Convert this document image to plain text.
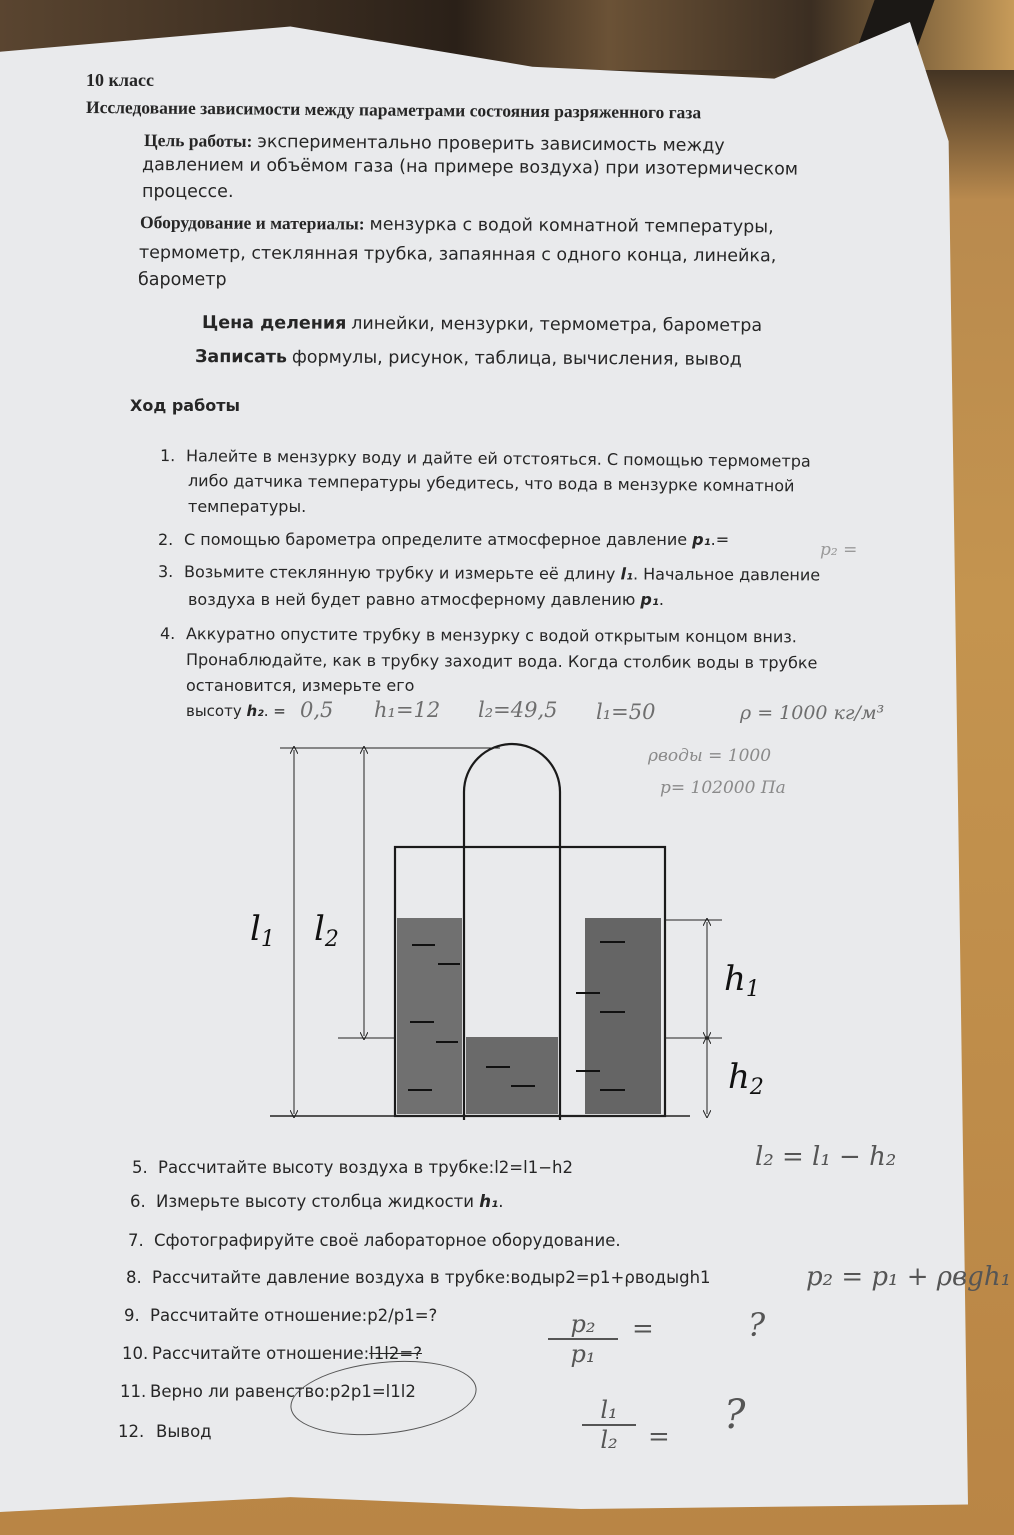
10 класс
Исследование зависимости между параметрами состояния разряженного газа
Цель работы: экспериментально проверить зависимость между
давлением и объёмом газа (на примере воздуха) при изотермическом
процессе.
Оборудование и материалы: мензурка с водой комнатной температуры,
термометр, стеклянная трубка, запаянная с одного конца, линейка,
барометр
Цена деления линейки, мензурки, термометра, барометра
Записать формулы, рисунок, таблица, вычисления, вывод
Ход работы
1. Налейте в мензурку воду и дайте ей отстояться. С помощью термометра
либо датчика температуры убедитесь, что вода в мензурке комнатной
температуры.
2. С помощью барометра определите атмосферное давление p₁.=
p₂ =
3. Возьмите стеклянную трубку и измерьте её длину l₁. Начальное давление
воздуха в ней будет равно атмосферному давлению p₁.
4. Аккуратно опустите трубку в мензурку с водой открытым концом вниз.
Пронаблюдайте, как в трубку заходит вода. Когда столбик воды в трубке
остановится, измерьте его
высоту h₂. = 0,5 h₁=12 l₂=49,5 l₁=50	ρ = 1000 кг/м³
ρводы = 1000
p= 102000 Па
l1 l2
h1
h2
5. Рассчитайте высоту воздуха в трубке:l2=l1−h2
6. Измерьте высоту столбца жидкости h₁.
7. Сфотографируйте своё лабораторное оборудование.
8. Рассчитайте давление воздуха в трубке:водыp2=p1+ρводыgh1
9. Рассчитайте отношение:p2/p1=?
10. Рассчитайте отношение:l1l2=?
11. Верно ли равенство:p2p1=l1l2
12. Вывод
l₂ = l₁ − h₂
p₂ = p₁ + ρвgh₁
$\frac{\text{p₂}}{\text{p₁}}$ =	?
$\frac{\text{l₁}}{\text{l₂}}$ = ?
